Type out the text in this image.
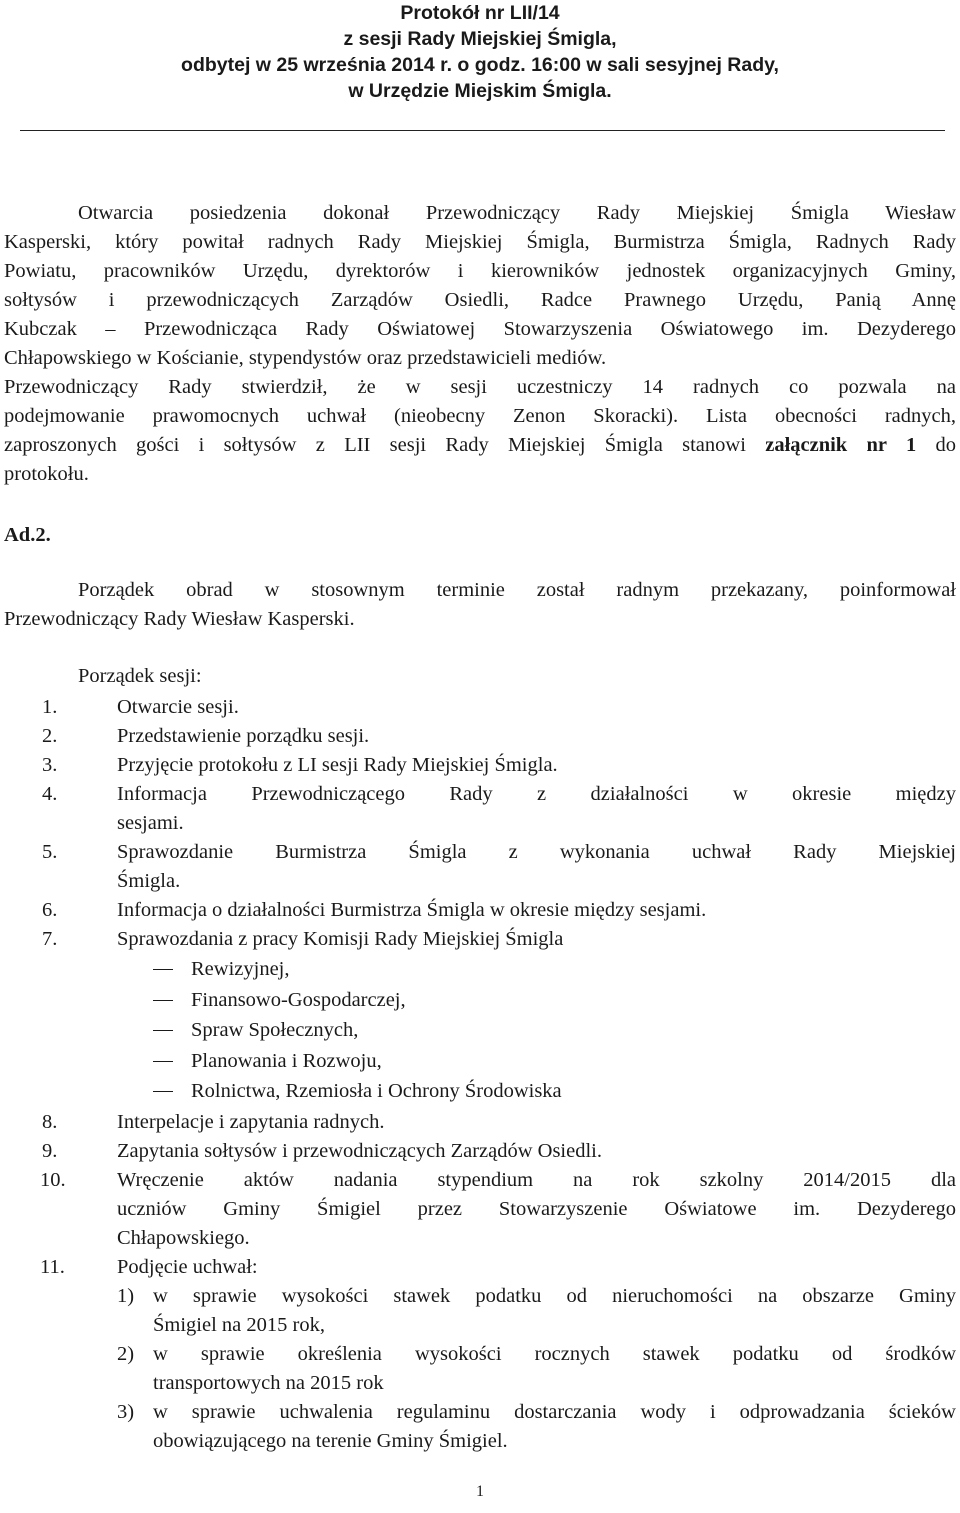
Protokół nr LII/14
z sesji Rady Miejskiej Śmigla,
odbytej w 25 września 2014 r. o godz. 16:00 w sali sesyjnej Rady,
w Urzędzie Miejskim Śmigla.
Otwarcia posiedzenia dokonał Przewodniczący Rady Miejskiej Śmigla Wiesław
Kasperski, który powitał radnych Rady Miejskiej Śmigla, Burmistrza Śmigla, Radnych Rady
Powiatu, pracowników Urzędu, dyrektorów i kierowników jednostek organizacyjnych Gminy,
sołtysów i przewodniczących Zarządów Osiedli, Radce Prawnego Urzędu, Panią Annę
Kubczak – Przewodnicząca Rady Oświatowej Stowarzyszenia Oświatowego im. Dezyderego
Chłapowskiego w Kościanie, stypendystów oraz przedstawicieli mediów.
Przewodniczący Rady stwierdził, że w sesji uczestniczy 14 radnych co pozwala na
podejmowanie prawomocnych uchwał (nieobecny Zenon Skoracki). Lista obecności radnych,
zaproszonych gości i sołtysów z LII sesji Rady Miejskiej Śmigla stanowi załącznik nr 1 do
protokołu.
Ad.2.
Porządek obrad w stosownym terminie został radnym przekazany, poinformował
Przewodniczący Rady Wiesław Kasperski.
Porządek sesji:
1.	Otwarcie sesji.
2.	Przedstawienie porządku sesji.
3.	Przyjęcie protokołu z LI sesji Rady Miejskiej Śmigla.
4.	Informacja Przewodniczącego Rady z działalności w okresie między
sesjami.
5.	Sprawozdanie Burmistrza Śmigla z wykonania uchwał Rady Miejskiej
Śmigla.
6.	Informacja o działalności Burmistrza Śmigla w okresie między sesjami.
7.	Sprawozdania z pracy Komisji Rady Miejskiej Śmigla
8.	Interpelacje i zapytania radnych.
9.	Zapytania sołtysów i przewodniczących Zarządów Osiedli.
10.	Wręczenie aktów nadania stypendium na rok szkolny 2014/2015 dla
uczniów Gminy Śmigiel przez Stowarzyszenie Oświatowe im. Dezyderego
Chłapowskiego.
11.	Podjęcie uchwał:
Rewizyjnej,
Finansowo-Gospodarczej,
Spraw Społecznych,
Planowania i Rozwoju,
Rolnictwa, Rzemiosła i Ochrony Środowiska
1) w sprawie wysokości stawek podatku od nieruchomości na obszarze Gminy
Śmigiel na 2015 rok,
2) w sprawie określenia wysokości rocznych stawek podatku od środków
transportowych na 2015 rok
3) w sprawie uchwalenia regulaminu dostarczania wody i odprowadzania ścieków
obowiązującego na terenie Gminy Śmigiel.
1
